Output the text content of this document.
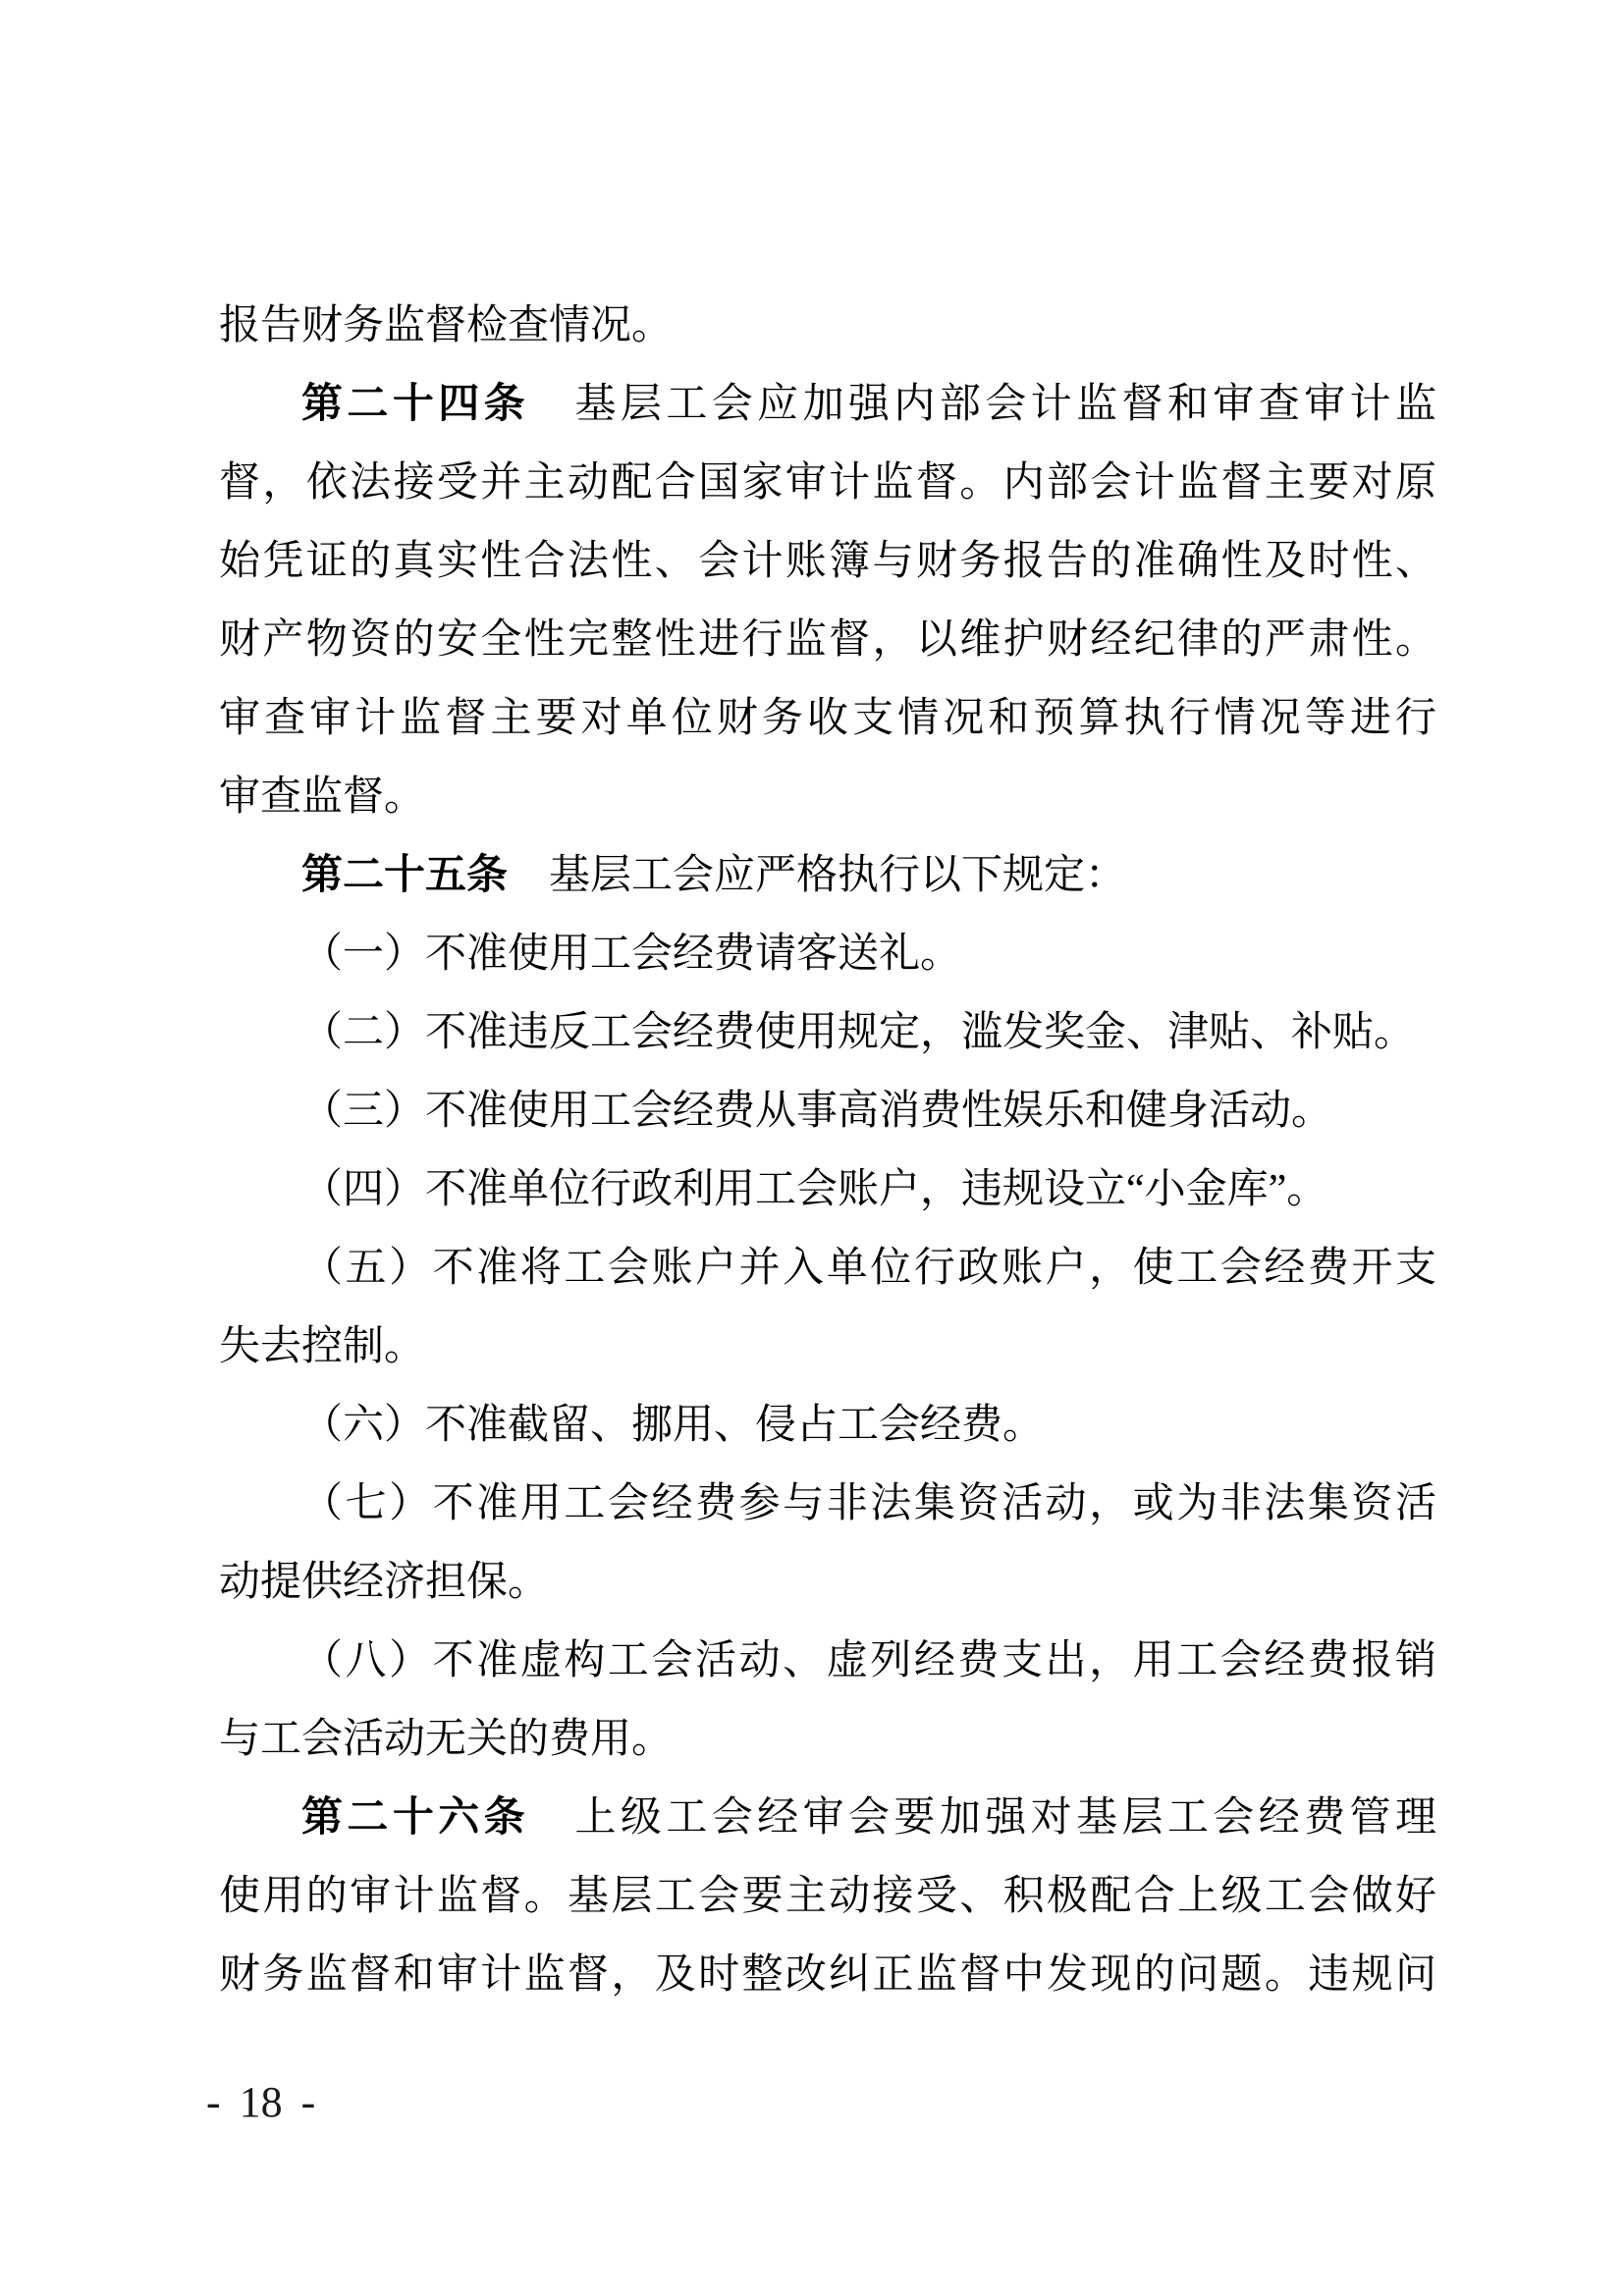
报告财务监督检查情况。
第二十四条　基层工会应加强内部会计监督和审查审计监
督，依法接受并主动配合国家审计监督。内部会计监督主要对原
始凭证的真实性合法性、会计账簿与财务报告的准确性及时性、
财产物资的安全性完整性进行监督，以维护财经纪律的严肃性。
审查审计监督主要对单位财务收支情况和预算执行情况等进行
审查监督。
第二十五条　基层工会应严格执行以下规定：
（一）不准使用工会经费请客送礼。
（二）不准违反工会经费使用规定，滥发奖金、津贴、补贴。
（三）不准使用工会经费从事高消费性娱乐和健身活动。
（四）不准单位行政利用工会账户，违规设立“小金库”。
（五）不准将工会账户并入单位行政账户，使工会经费开支
失去控制。
（六）不准截留、挪用、侵占工会经费。
（七）不准用工会经费参与非法集资活动，或为非法集资活
动提供经济担保。
（八）不准虚构工会活动、虚列经费支出，用工会经费报销
与工会活动无关的费用。
第二十六条　上级工会经审会要加强对基层工会经费管理
使用的审计监督。基层工会要主动接受、积极配合上级工会做好
财务监督和审计监督，及时整改纠正监督中发现的问题。违规问
- 18 -
